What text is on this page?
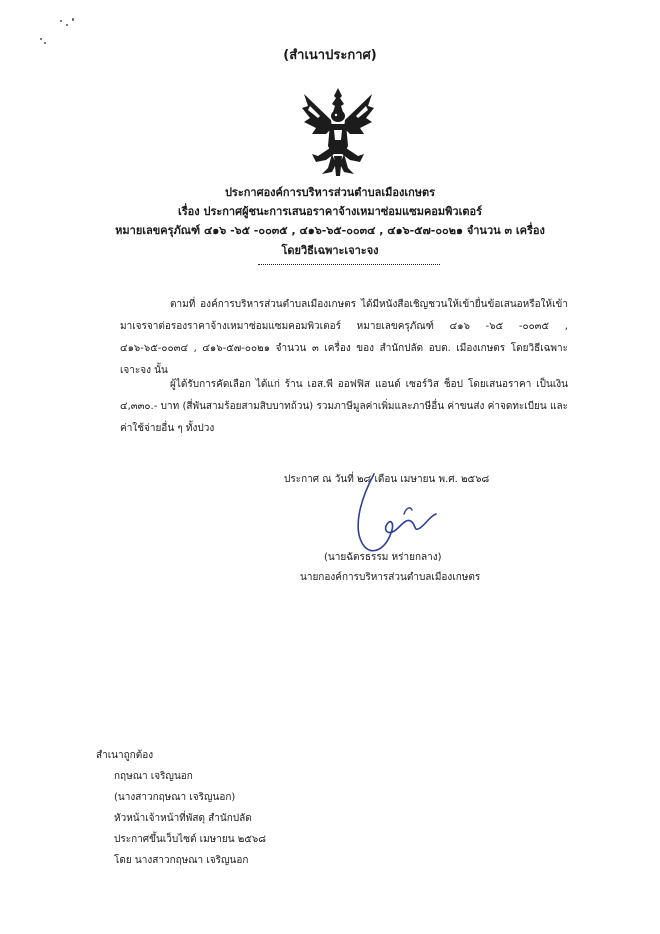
(สำเนาประกาศ)
ประกาศองค์การบริหารส่วนตำบลเมืองเกษตร
เรื่อง ประกาศผู้ชนะการเสนอราคาจ้างเหมาซ่อมแซมคอมพิวเตอร์
หมายเลขครุภัณฑ์ ๔๑๖ -๖๕ -๐๐๓๕ , ๔๑๖-๖๕-๐๐๓๔ , ๔๑๖-๕๗-๐๐๒๑ จำนวน ๓ เครื่อง
โดยวิธีเฉพาะเจาะจง

ตามที่ องค์การบริหารส่วนตำบลเมืองเกษตร ได้มีหนังสือเชิญชวนให้เข้ายื่นข้อเสนอหรือให้เข้ามาเจรจาต่อรองราคาจ้างเหมาซ่อมแซมคอมพิวเตอร์ หมายเลขครุภัณฑ์ ๔๑๖ -๖๕ -๐๐๓๕ , ๔๑๖-๖๕-๐๐๓๔ , ๔๑๖-๕๗-๐๐๒๑ จำนวน ๓ เครื่อง ของ สำนักปลัด อบต. เมืองเกษตร โดยวิธีเฉพาะเจาะจง นั้น

ผู้ได้รับการคัดเลือก ได้แก่ ร้าน เอส.พี ออฟฟิส แอนด์ เซอร์วิส ช็อป โดยเสนอราคา เป็นเงิน ๔,๓๓๐.- บาท (สี่พันสามร้อยสามสิบบาทถ้วน) รวมภาษีมูลค่าเพิ่มและภาษีอื่น ค่าขนส่ง ค่าจดทะเบียน และค่าใช้จ่ายอื่น ๆ ทั้งปวง

ประกาศ ณ วันที่ ๒๘ เดือน เมษายน พ.ศ. ๒๕๖๘
(นายฉัตรธรรม หร่ายกลาง)
นายกองค์การบริหารส่วนตำบลเมืองเกษตร
สำเนาถูกต้อง
กฤษณา เจริญนอก
(นางสาวกฤษณา เจริญนอก)
หัวหน้าเจ้าหน้าที่พัสดุ สำนักปลัด
ประกาศขึ้นเว็บไซต์ เมษายน ๒๕๖๘
โดย นางสาวกฤษณา เจริญนอก
